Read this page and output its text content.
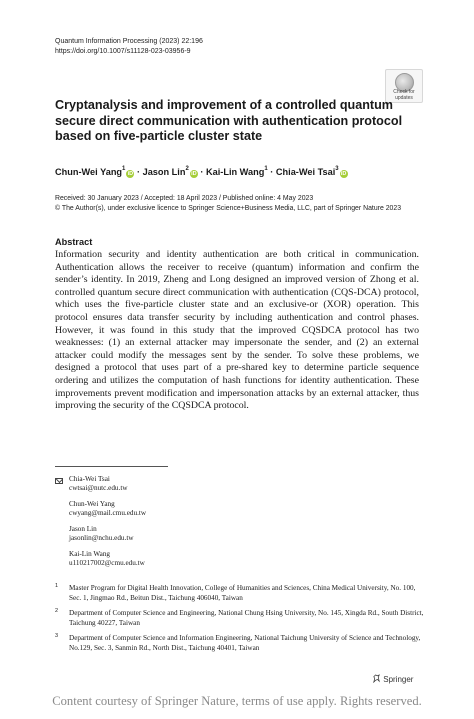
Quantum Information Processing (2023) 22:196
https://doi.org/10.1007/s11128-023-03956-9
Check for
updates
Cryptanalysis and improvement of a controlled quantum secure direct communication with authentication protocol based on five-particle cluster state
Chun-Wei Yang$^1$iD · Jason Lin$^2$iD · Kai-Lin Wang$^1$ · Chia-Wei Tsai$^3$iD
Received: 30 January 2023 / Accepted: 18 April 2023 / Published online: 4 May 2023
© The Author(s), under exclusive licence to Springer Science+Business Media, LLC, part of Springer Nature 2023
Abstract
Information security and identity authentication are both critical in communication. Authentication allows the receiver to receive (quantum) information and confirm the sender’s identity. In 2019, Zheng and Long designed an improved version of Zhong et al. controlled quantum secure direct communication with authentication (CQS-DCA) protocol, which uses the five-particle cluster state and an exclusive-or (XOR) operation. This protocol ensures data transfer security by including authentication and control phases. However, it was found in this study that the improved CQSDCA protocol has two weaknesses: (1) an external attacker may impersonate the sender, and (2) an external attacker could modify the messages sent by the sender. To solve these problems, we designed a protocol that uses part of a pre-shared key to determine particle sequence ordering and utilizes the computation of hash functions for identity authentication. These improvements prevent modification and impersonation attacks by an external attacker, thus improving the security of the CQSDCA protocol.
Chia-Wei Tsai
cwtsai@nutc.edu.tw
Chun-Wei Yang
cwyang@mail.cmu.edu.tw
Jason Lin
jasonlin@nchu.edu.tw
Kai-Lin Wang
u110217002@cmu.edu.tw
1 Master Program for Digital Health Innovation, College of Humanities and Sciences, China Medical University, No. 100, Sec. 1, Jingmao Rd., Beitun Dist., Taichung 406040, Taiwan
2 Department of Computer Science and Engineering, National Chung Hsing University, No. 145, Xingda Rd., South District, Taichung 40227, Taiwan
3 Department of Computer Science and Information Engineering, National Taichung University of Science and Technology, No.129, Sec. 3, Sanmin Rd., North Dist., Taichung 40401, Taiwan
Springer
Content courtesy of Springer Nature, terms of use apply. Rights reserved.
